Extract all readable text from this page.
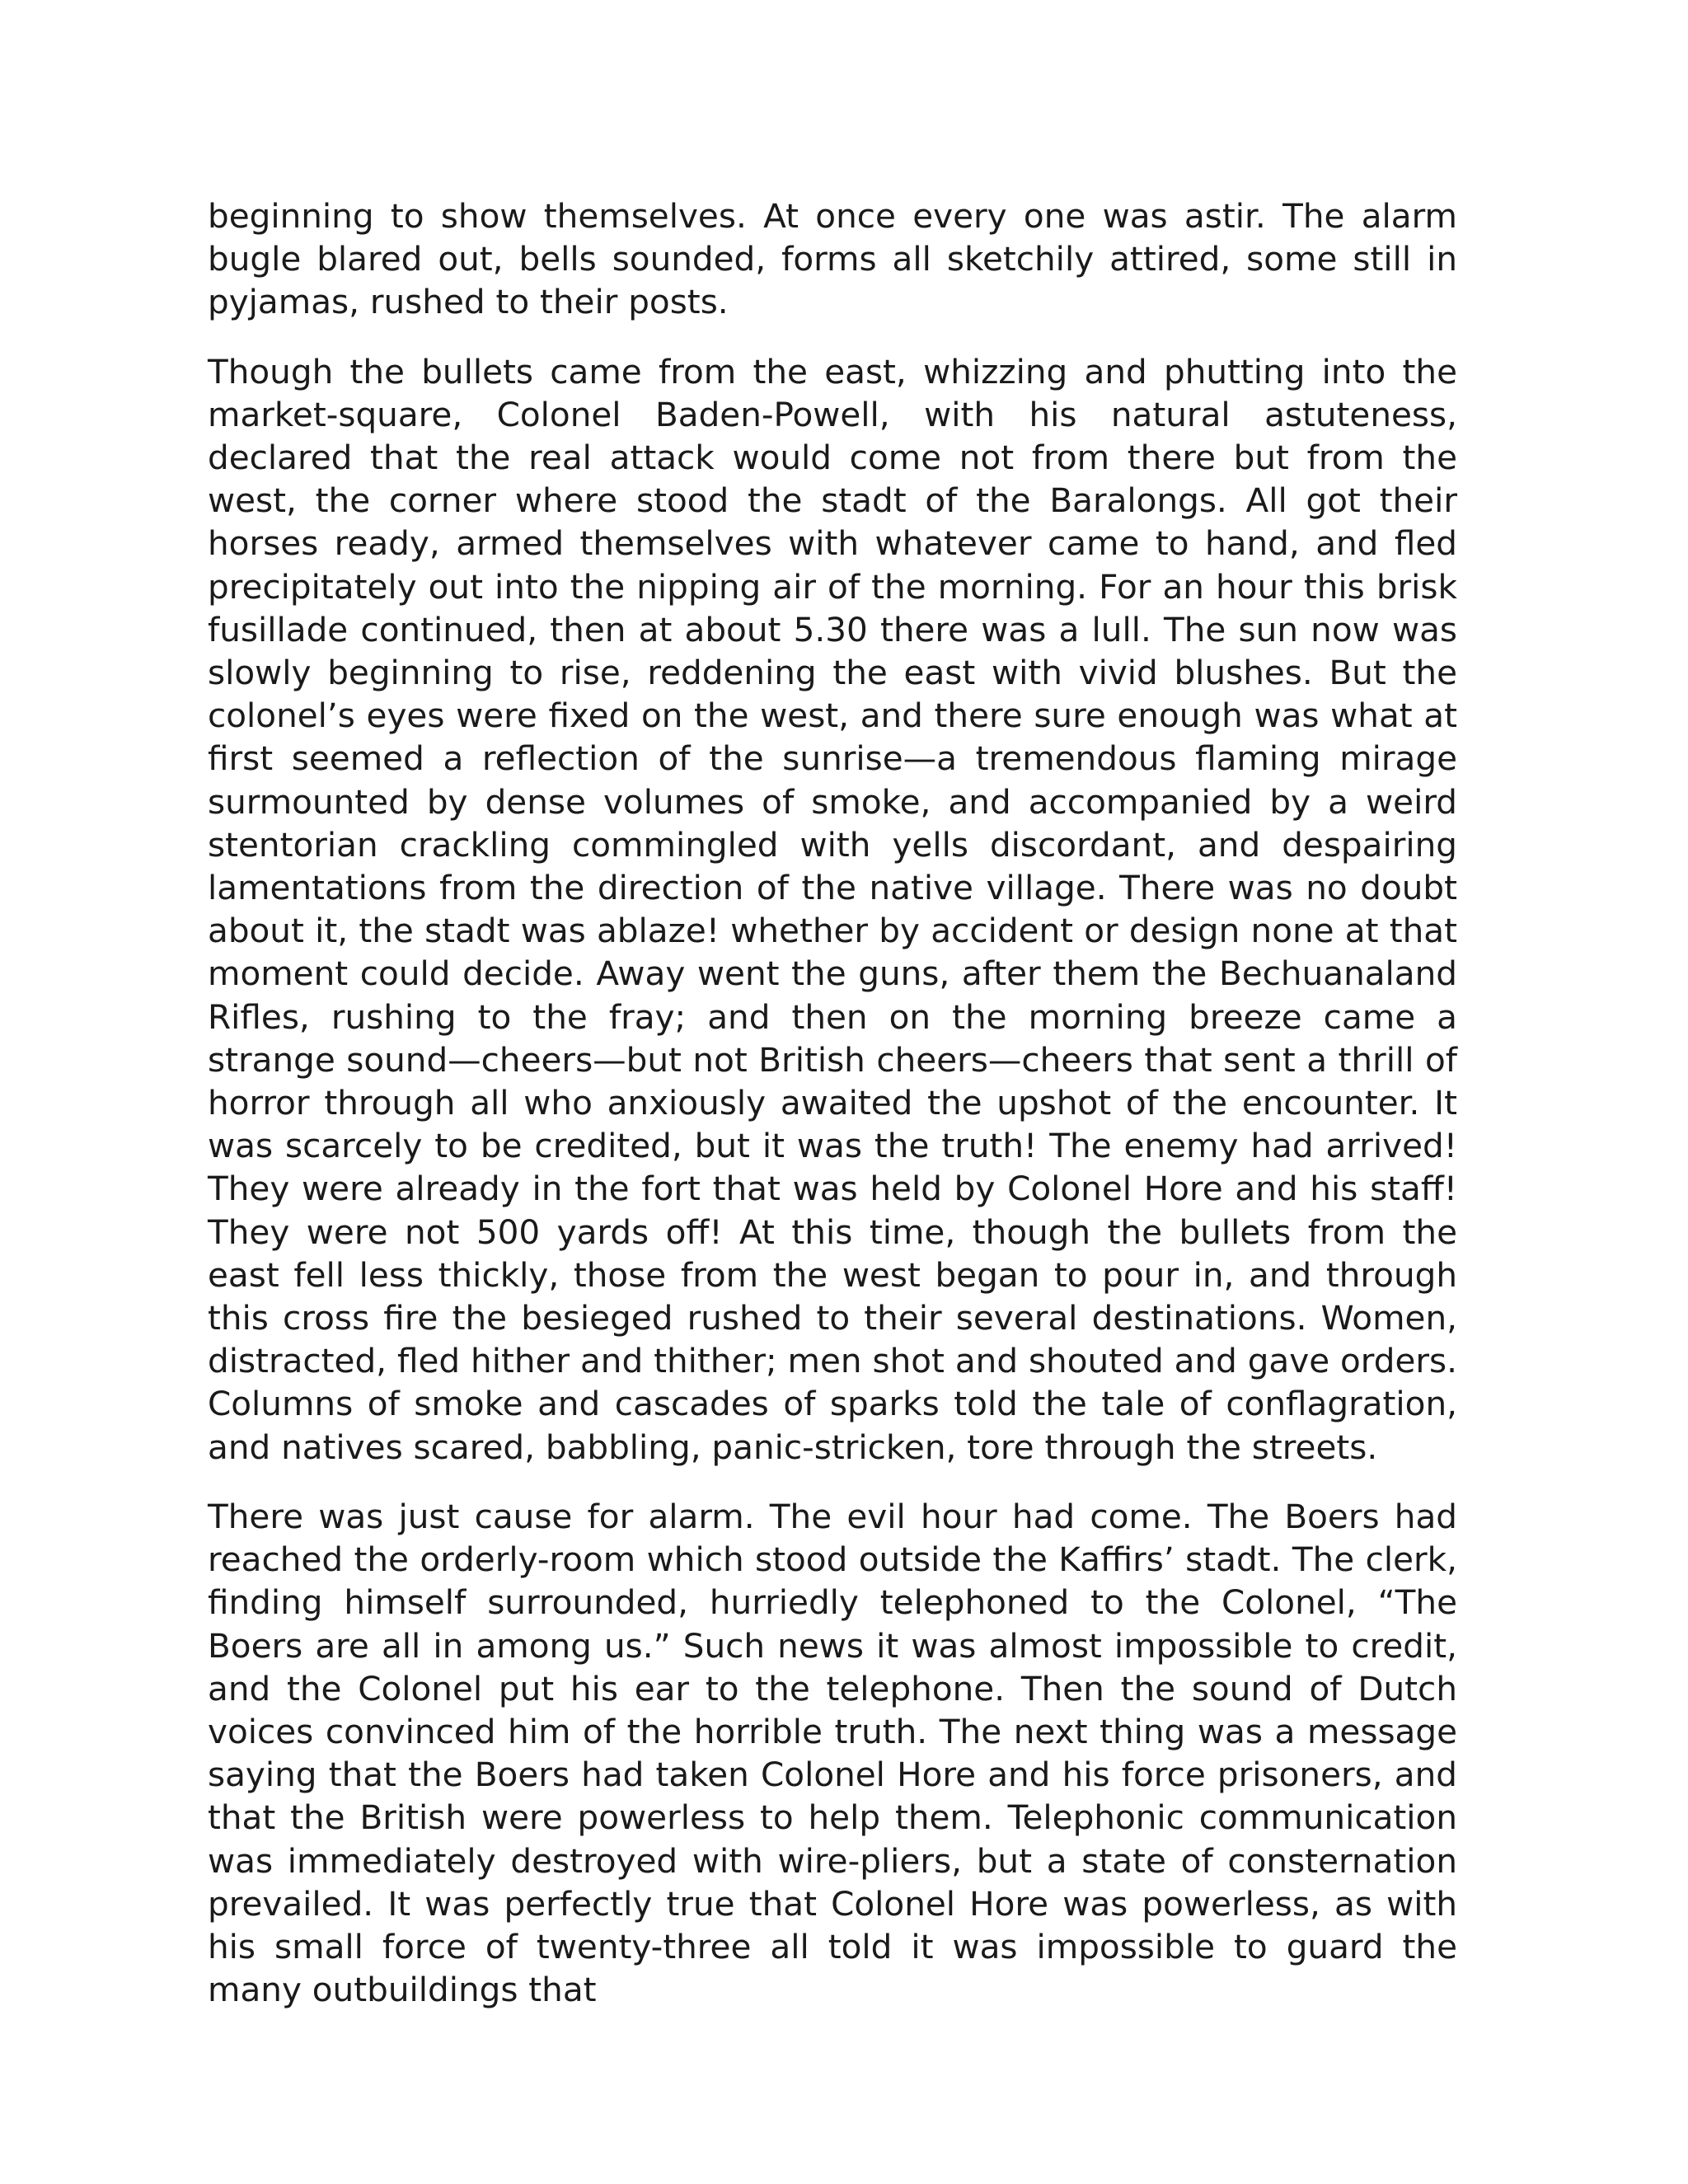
beginning to show themselves. At once every one was astir. The alarm bugle blared out, bells sounded, forms all sketchily attired, some still in pyjamas, rushed to their posts.

Though the bullets came from the east, whizzing and phutting into the market-square, Colonel Baden-Powell, with his natural astuteness, declared that the real attack would come not from there but from the west, the corner where stood the stadt of the Baralongs. All got their horses ready, armed themselves with whatever came to hand, and fled precipitately out into the nipping air of the morning. For an hour this brisk fusillade continued, then at about 5.30 there was a lull. The sun now was slowly beginning to rise, reddening the east with vivid blushes. But the colonel’s eyes were fixed on the west, and there sure enough was what at first seemed a reflection of the sunrise—a tremendous flaming mirage surmounted by dense volumes of smoke, and accompanied by a weird stentorian crackling commingled with yells discordant, and despairing lamentations from the direction of the native village. There was no doubt about it, the stadt was ablaze! whether by accident or design none at that moment could decide. Away went the guns, after them the Bechuanaland Rifles, rushing to the fray; and then on the morning breeze came a strange sound—cheers—but not British cheers—cheers that sent a thrill of horror through all who anxiously awaited the upshot of the encounter. It was scarcely to be credited, but it was the truth! The enemy had arrived! They were already in the fort that was held by Colonel Hore and his staff! They were not 500 yards off! At this time, though the bullets from the east fell less thickly, those from the west began to pour in, and through this cross fire the besieged rushed to their several destinations. Women, distracted, fled hither and thither; men shot and shouted and gave orders. Columns of smoke and cascades of sparks told the tale of conflagration, and natives scared, babbling, panic-stricken, tore through the streets.

There was just cause for alarm. The evil hour had come. The Boers had reached the orderly-room which stood outside the Kaffirs’ stadt. The clerk, finding himself surrounded, hurriedly telephoned to the Colonel, “The Boers are all in among us.” Such news it was almost impossible to credit, and the Colonel put his ear to the telephone. Then the sound of Dutch voices convinced him of the horrible truth. The next thing was a message saying that the Boers had taken Colonel Hore and his force prisoners, and that the British were powerless to help them. Telephonic communication was immediately destroyed with wire-pliers, but a state of consternation prevailed. It was perfectly true that Colonel Hore was powerless, as with his small force of twenty-three all told it was impossible to guard the many outbuildings that
